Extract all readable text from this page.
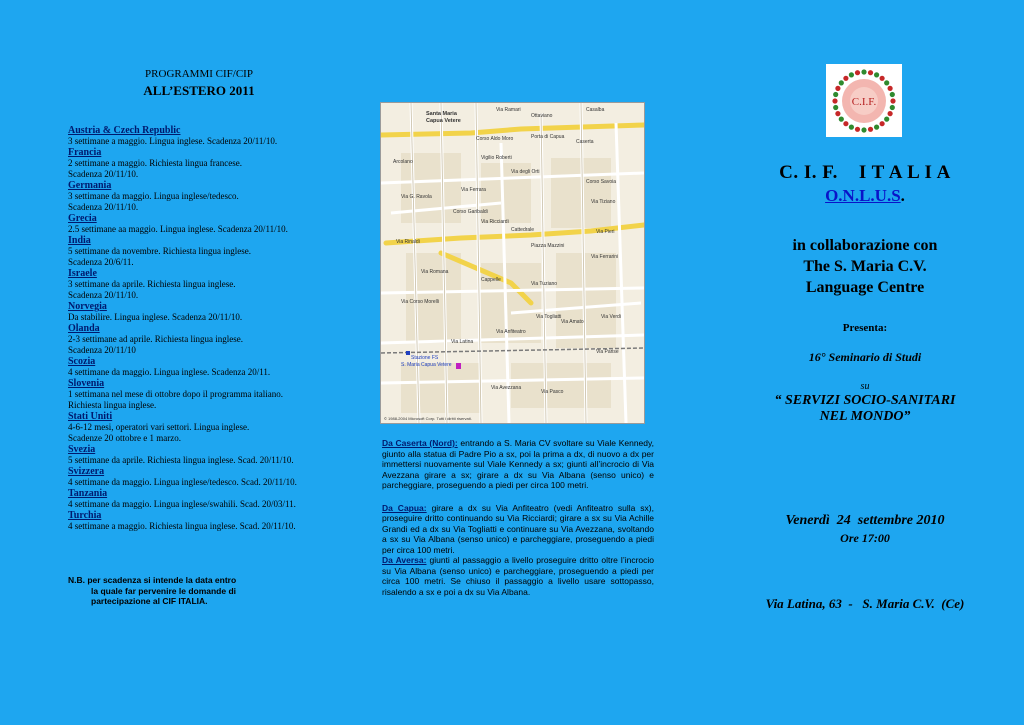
PROGRAMMI CIF/CIP
ALL’ESTERO 2011
Austria & Czech Republic
3 settimane a maggio. Lingua inglese. Scadenza 20/11/10.
Francia
2 settimane a maggio. Richiesta lingua francese.
Scadenza 20/11/10.
Germania
3 settimane da maggio. Lingua inglese/tedesco.
Scadenza 20/11/10.
Grecia
2.5 settimane aa maggio. Lingua inglese. Scadenza 20/11/10.
India
5 settimane da novembre. Richiesta lingua inglese.
Scadenza 20/6/11.
Israele
3 settimane da aprile. Richiesta lingua inglese.
Scadenza 20/11/10.
Norvegia
Da stabilire. Lingua inglese. Scadenza 20/11/10.
Olanda
2-3 settimane ad aprile. Richiesta lingua inglese.
Scadenza 20/11/10
Scozia
4 settimane da maggio. Lingua inglese. Scadenza 20/11.
Slovenia
1 settimana nel mese di ottobre dopo il programma italiano.
Richiesta lingua inglese.
Stati Uniti
4-6-12 mesi, operatori vari settori. Lingua inglese.
Scadenze 20 ottobre e 1 marzo.
Svezia
5 settimane da aprile. Richiesta lingua inglese. Scad. 20/11/10.
Svizzera
4 settimane da maggio. Lingua inglese/tedesco. Scad. 20/11/10.
Tanzania
4 settimane da maggio. Lingua inglese/swahili. Scad. 20/03/11.
Turchia
4 settimane a maggio. Richiesta lingua inglese. Scad. 20/11/10.
N.B. per scadenza si intende la data entro
la quale far pervenire le domande di
partecipazione al CIF ITALIA.
Santa Maria
Capua Vetere
Via Ramari
Ottaviano
Casalba
Corso Aldo Moro	Porta di Capua
Caserta
Arcolano
Vigilio Roberti
Via degli Orti
Corso Savoia
Via G. Ravola
Via Ferrara
Via Tiziano
Cattedrale
Corso Garibaldi
Via Ricciardi
Via Rinaldi
Piazza Mazzini
Via Pieri
Via Ferrarini
Via Romana
Cappelle
Via Tuziano
Via Corso Morelli
Stazione FS
S. Maria Capua Vetere
Via Anfiteatro
Via Avezzana
Via Latina
Via Togliatti
Via Amato
Via Verdi
Via Parise
Via Pasco
© 1988-2004 Microsoft Corp. Tutti i diritti riservati.

Da Caserta (Nord): entrando a S. Maria CV svoltare su Viale Kennedy, giunto alla statua di Padre Pio a sx, poi la prima a dx, di nuovo a dx per immettersi nuovamente sul Viale Kennedy a sx; giunti all’incrocio di Via Avezzana girare a sx; girare a dx su Via Albana (senso unico) e parcheggiare, proseguendo a piedi per circa 100 metri.

Da Capua: girare a dx su Via Anfiteatro (vedi Anfiteatro sulla sx), proseguire dritto continuando su Via Ricciardi; girare a sx su Via Achille Grandi ed a dx su Via Togliatti e continuare su Via Avezzana, svoltando a sx su Via Albana (senso unico) e parcheggiare, proseguendo a piedi per circa 100 metri.

Da Aversa: giunti al passaggio a livello proseguire dritto oltre l’incrocio su Via Albana (senso unico) e parcheggiare, proseguendo a piedi per circa 100 metri. Se chiuso il passaggio a livello usare sottopasso, risalendo a sx e poi a dx su Via Albana.

C.I.F.
C. I. F.    I T A L I A
O.N.L.U.S.
in collaborazione con
The S. Maria C.V.
Language Centre
Presenta:
16° Seminario di Studi
su
“ SERVIZI SOCIO-SANITARI
NEL MONDO”
Venerdì  24  settembre 2010
Ore 17:00
Via Latina, 63  -   S. Maria C.V.  (Ce)
